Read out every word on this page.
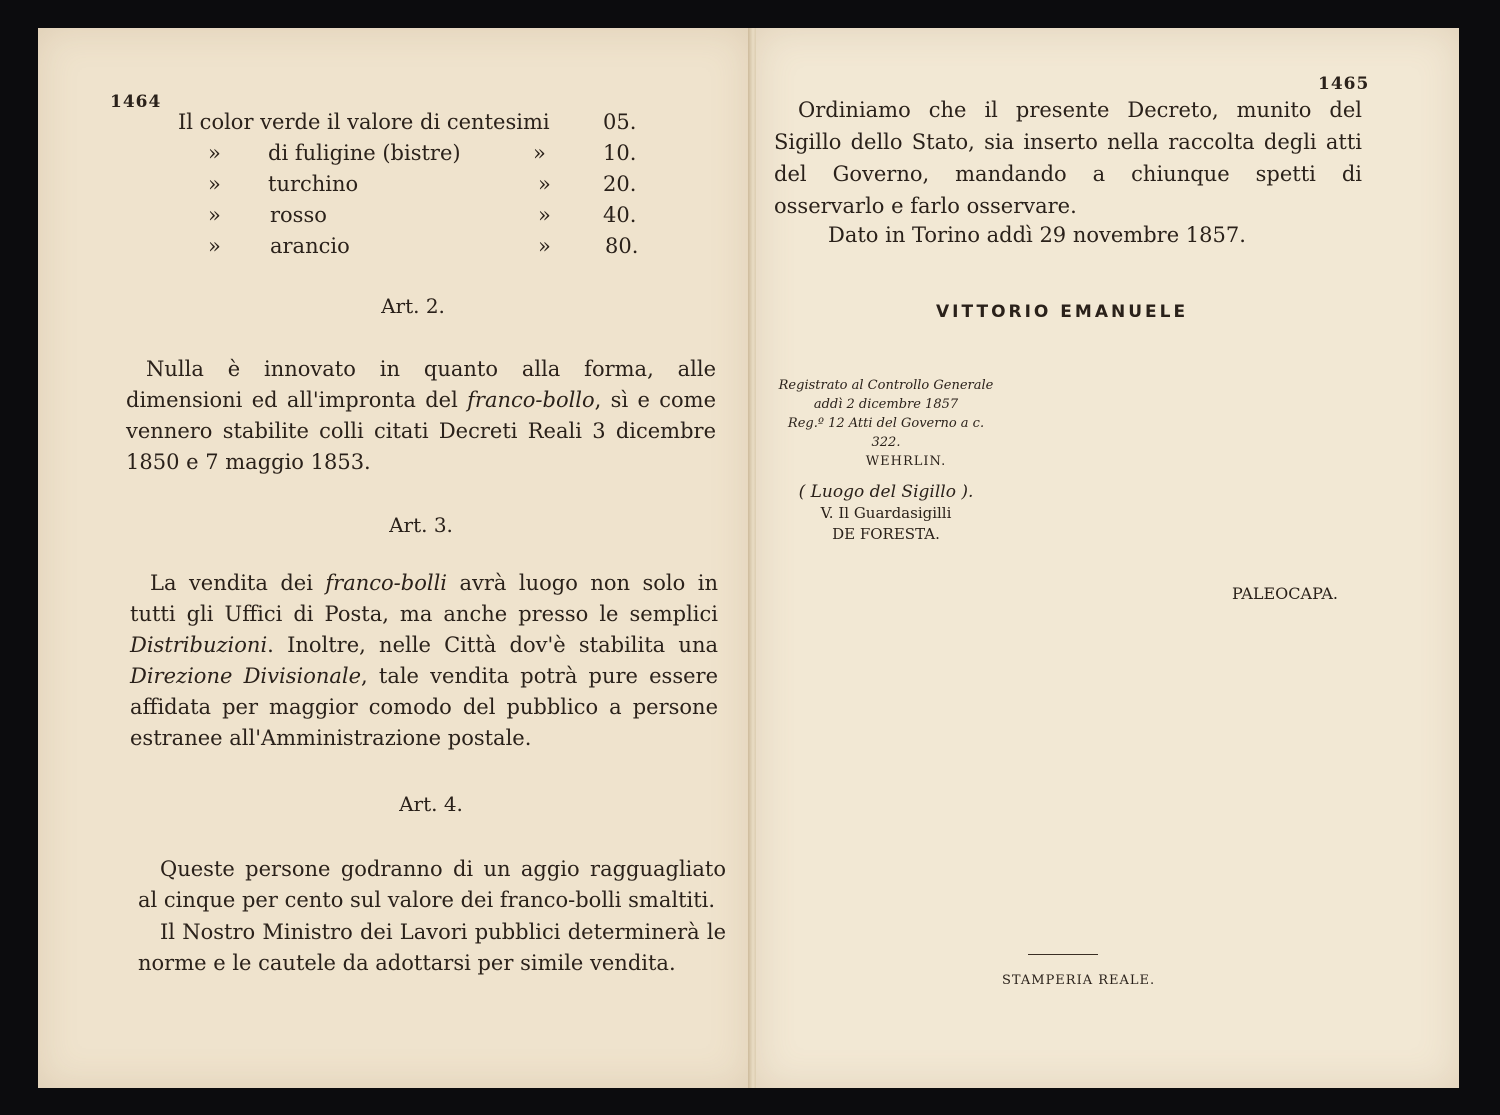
1464
Il color verde il valore di centesimi	05.
» di fuligine (bistre)	»	10.
» turchino	» 20.
» rosso	» 40.
» arancio	»	80.
Art. 2.
Nulla è innovato in quanto alla forma, alle dimensioni ed all'impronta del franco-bollo, sì e come vennero stabilite colli citati Decreti Reali 3 dicembre 1850 e 7 maggio 1853.
Art. 3.
La vendita dei franco-bolli avrà luogo non solo in tutti gli Uffici di Posta, ma anche presso le semplici Distribuzioni. Inoltre, nelle Città dov'è stabilita una Direzione Divisionale, tale vendita potrà pure essere affidata per maggior comodo del pubblico a persone estranee all'Amministrazione postale.
Art. 4.
Queste persone godranno di un aggio ragguagliato al cinque per cento sul valore dei franco-bolli smaltiti.
Il Nostro Ministro dei Lavori pubblici determinerà le norme e le cautele da adottarsi per simile vendita.
1465
Ordiniamo che il presente Decreto, munito del Sigillo dello Stato, sia inserto nella raccolta degli atti del Governo, mandando a chiunque spetti di osservarlo e farlo osservare.
Dato in Torino addì 29 novembre 1857.
VITTORIO EMANUELE
Registrato al Controllo Generale
addì 2 dicembre 1857
Reg.º 12 Atti del Governo a c. 322.
WEHRLIN.
( Luogo del Sigillo ).
V. Il Guardasigilli
DE FORESTA.
PALEOCAPA.
STAMPERIA REALE.
